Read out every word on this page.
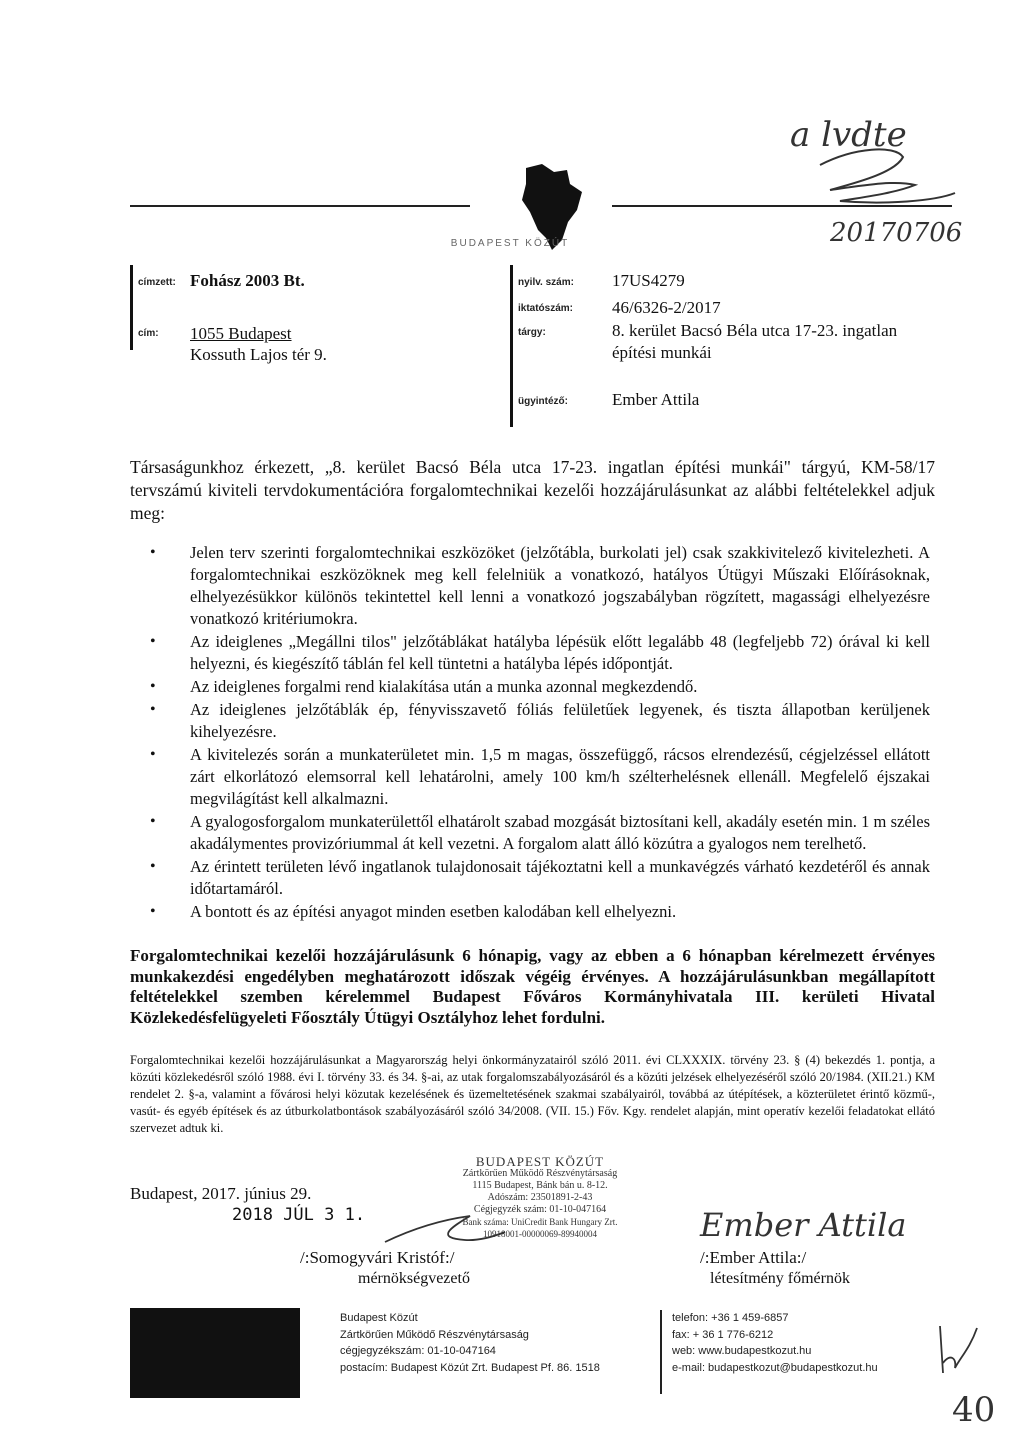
a lvdte
20170706
BUDAPEST KÖZÚT
címzett: Fohász 2003 Bt.
cím: 1055 Budapest
Kossuth Lajos tér 9.
nyilv. szám: 17US4279
iktatószám: 46/6326-2/2017
tárgy:	8. kerület Bacsó Béla utca 17-23. ingatlan
építési munkái
ügyintéző:	Ember Attila
Társaságunkhoz érkezett, „8. kerület Bacsó Béla utca 17-23. ingatlan építési munkái" tárgyú, KM-58/17 tervszámú kiviteli tervdokumentációra forgalomtechnikai kezelői hozzájárulásunkat az alábbi feltételekkel adjuk meg:
• Jelen terv szerinti forgalomtechnikai eszközöket (jelzőtábla, burkolati jel) csak szakkivitelező kivitelezheti. A forgalomtechnikai eszközöknek meg kell felelniük a vonatkozó, hatályos Útügyi Műszaki Előírásoknak, elhelyezésükkor különös tekintettel kell lenni a vonatkozó jogszabályban rögzített, magassági elhelyezésre vonatkozó kritériumokra.
• Az ideiglenes „Megállni tilos" jelzőtáblákat hatályba lépésük előtt legalább 48 (legfeljebb 72) órával ki kell helyezni, és kiegészítő táblán fel kell tüntetni a hatályba lépés időpontját.
• Az ideiglenes forgalmi rend kialakítása után a munka azonnal megkezdendő.
• Az ideiglenes jelzőtáblák ép, fényvisszavető fóliás felületűek legyenek, és tiszta állapotban kerüljenek kihelyezésre.
• A kivitelezés során a munkaterületet min. 1,5 m magas, összefüggő, rácsos elrendezésű, cégjelzéssel ellátott zárt elkorlátozó elemsorral kell lehatárolni, amely 100 km/h szélterhelésnek ellenáll. Megfelelő éjszakai megvilágítást kell alkalmazni.
• A gyalogosforgalom munkaterülettől elhatárolt szabad mozgását biztosítani kell, akadály esetén min. 1 m széles akadálymentes provizóriummal át kell vezetni. A forgalom alatt álló közútra a gyalogos nem terelhető.
• Az érintett területen lévő ingatlanok tulajdonosait tájékoztatni kell a munkavégzés várható kezdetéről és annak időtartamáról.
• A bontott és az építési anyagot minden esetben kalodában kell elhelyezni.
Forgalomtechnikai kezelői hozzájárulásunk 6 hónapig, vagy az ebben a 6 hónapban kérelmezett érvényes munkakezdési engedélyben meghatározott időszak végéig érvényes. A hozzájárulásunkban megállapított feltételekkel szemben kérelemmel Budapest Főváros Kormányhivatala III. kerületi Hivatal Közlekedésfelügyeleti Főosztály Útügyi Osztályhoz lehet fordulni.
Forgalomtechnikai kezelői hozzájárulásunkat a Magyarország helyi önkormányzatairól szóló 2011. évi CLXXXIX. törvény 23. § (4) bekezdés 1. pontja, a közúti közlekedésről szóló 1988. évi I. törvény 33. és 34. §-ai, az utak forgalomszabályozásáról és a közúti jelzések elhelyezéséről szóló 20/1984. (XII.21.) KM rendelet 2. §-a, valamint a fővárosi helyi közutak kezelésének és üzemeltetésének szakmai szabályairól, továbbá az útépítések, a közterületet érintő közmű-, vasút- és egyéb építések és az útburkolatbontások szabályozásáról szóló 34/2008. (VII. 15.) Főv. Kgy. rendelet alapján, mint operatív kezelői feladatokat ellátó szervezet adtuk ki.
Budapest, 2017. június 29.
2018 JÚL 3 1.
BUDAPEST KÖZÚT
Zártkörűen Működő Részvénytársaság
1115 Budapest, Bánk bán u. 8-12.
Adószám: 23501891-2-43
Cégjegyzék szám: 01-10-047164
Bank száma: UniCredit Bank Hungary Zrt.
10918001-00000069-89940004
/:Somogyvári Kristóf:/
mérnökségvezető
Ember Attila
/:Ember Attila:/
létesítmény főmérnök
Budapest Közút
Zártkörűen Működő Részvénytársaság
cégjegyzékszám: 01-10-047164
postacím: Budapest Közút Zrt. Budapest Pf. 86. 1518
telefon: +36 1 459-6857
fax: + 36 1 776-6212
web: www.budapestkozut.hu
e-mail: budapestkozut@budapestkozut.hu
40
